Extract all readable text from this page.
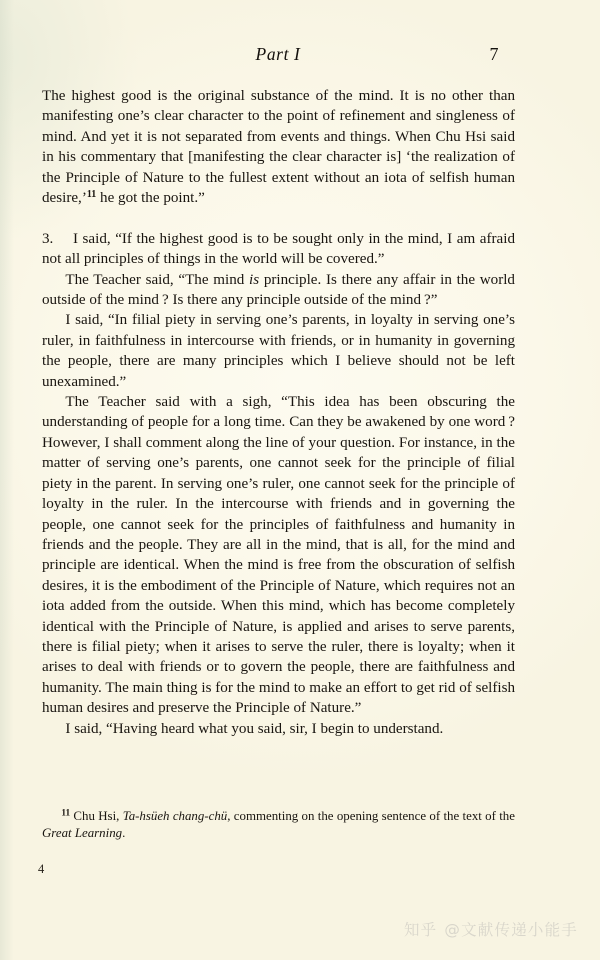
Part I	7

The highest good is the original substance of the mind. It is no other than manifesting one’s clear character to the point of refinement and singleness of mind. And yet it is not separated from events and things. When Chu Hsi said in his commentary that [manifesting the clear character is] ‘the realization of the Principle of Nature to the fullest extent without an iota of selfish human desire,’$^{11}$ he got the point.”

3. I said, “If the highest good is to be sought only in the mind, I am afraid not all principles of things in the world will be covered.”

The Teacher said, “The mind is principle. Is there any affair in the world outside of the mind ? Is there any principle outside of the mind ?”

I said, “In filial piety in serving one’s parents, in loyalty in serving one’s ruler, in faithfulness in intercourse with friends, or in humanity in governing the people, there are many principles which I believe should not be left unexamined.”

The Teacher said with a sigh, “This idea has been obscuring the understanding of people for a long time. Can they be awakened by one word ? However, I shall comment along the line of your question. For instance, in the matter of serving one’s parents, one cannot seek for the principle of filial piety in the parent. In serving one’s ruler, one cannot seek for the principle of loyalty in the ruler. In the intercourse with friends and in governing the people, one cannot seek for the principles of faithfulness and humanity in friends and the people. They are all in the mind, that is all, for the mind and principle are identical. When the mind is free from the obscuration of selfish desires, it is the embodiment of the Principle of Nature, which requires not an iota added from the outside. When this mind, which has become completely identical with the Principle of Nature, is applied and arises to serve parents, there is filial piety; when it arises to serve the ruler, there is loyalty; when it arises to deal with friends or to govern the people, there are faithfulness and humanity. The main thing is for the mind to make an effort to get rid of selfish human desires and preserve the Principle of Nature.”

I said, “Having heard what you said, sir, I begin to understand.

$^{11}$ Chu Hsi, Ta-hsüeh chang-chü, commenting on the opening sentence of the text of the Great Learning.

4
知乎 @文献传递小能手
